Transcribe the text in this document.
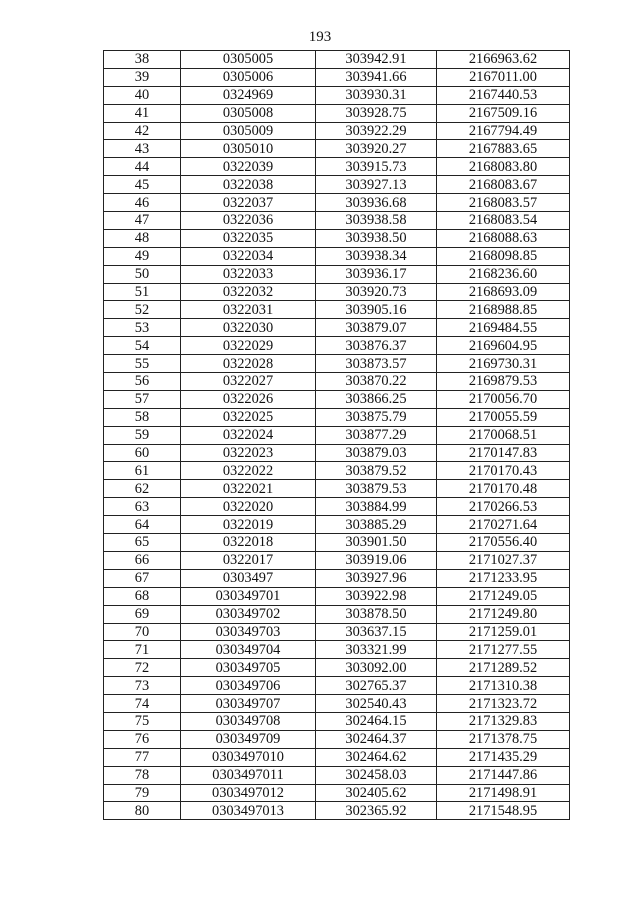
193
38	0305005	303942.91	2166963.62
39	0305006	303941.66	2167011.00
40	0324969	303930.31	2167440.53
41	0305008	303928.75	2167509.16
42	0305009	303922.29	2167794.49
43	0305010	303920.27	2167883.65
44	0322039	303915.73	2168083.80
45	0322038	303927.13	2168083.67
46	0322037	303936.68	2168083.57
47	0322036	303938.58	2168083.54
48	0322035	303938.50	2168088.63
49	0322034	303938.34	2168098.85
50	0322033	303936.17	2168236.60
51	0322032	303920.73	2168693.09
52	0322031	303905.16	2168988.85
53	0322030	303879.07	2169484.55
54	0322029	303876.37	2169604.95
55	0322028	303873.57	2169730.31
56	0322027	303870.22	2169879.53
57	0322026	303866.25	2170056.70
58	0322025	303875.79	2170055.59
59	0322024	303877.29	2170068.51
60	0322023	303879.03	2170147.83
61	0322022	303879.52	2170170.43
62	0322021	303879.53	2170170.48
63	0322020	303884.99	2170266.53
64	0322019	303885.29	2170271.64
65	0322018	303901.50	2170556.40
66	0322017	303919.06	2171027.37
67	0303497	303927.96	2171233.95
68	030349701	303922.98	2171249.05
69	030349702	303878.50	2171249.80
70	030349703	303637.15	2171259.01
71	030349704	303321.99	2171277.55
72	030349705	303092.00	2171289.52
73	030349706	302765.37	2171310.38
74	030349707	302540.43	2171323.72
75	030349708	302464.15	2171329.83
76	030349709	302464.37	2171378.75
77	0303497010	302464.62	2171435.29
78	0303497011	302458.03	2171447.86
79	0303497012	302405.62	2171498.91
80	0303497013	302365.92	2171548.95
